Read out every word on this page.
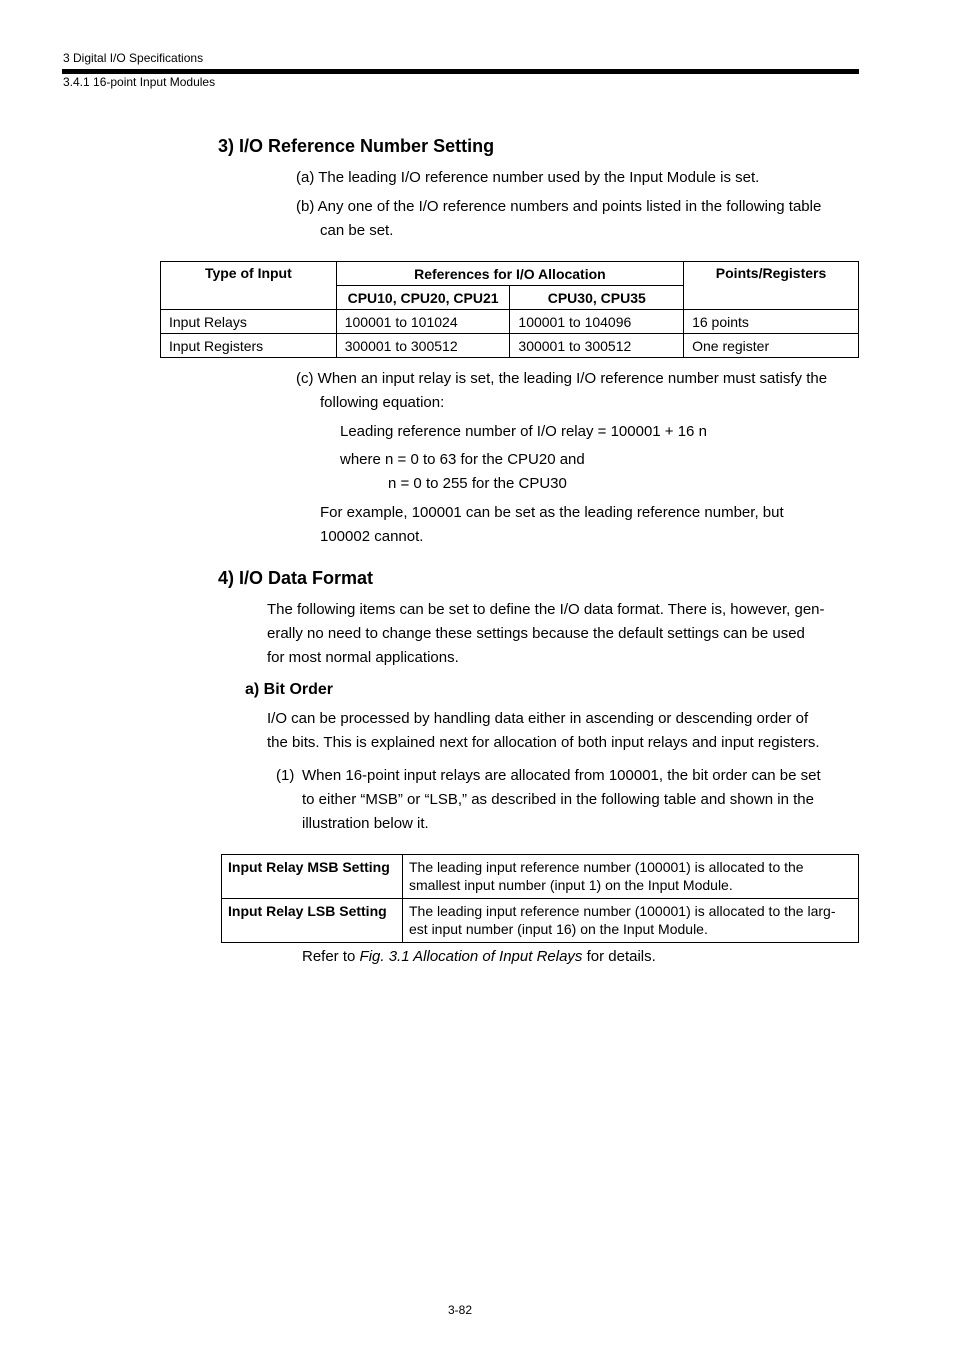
3 Digital I/O Specifications
3.4.1 16-point Input Modules
3) I/O Reference Number Setting
(a) The leading I/O reference number used by the Input Module is set.
(b) Any one of the I/O reference numbers and points listed in the following table
can be set.
Type of Input	References for I/O Allocation		Points/Registers
	CPU10, CPU20, CPU21	CPU30, CPU35	
Input Relays	100001 to 101024	100001 to 104096	16 points
Input Registers	300001 to 300512	300001 to 300512	One register
(c) When an input relay is set, the leading I/O reference number must satisfy the
following equation:
Leading reference number of I/O relay = 100001 + 16 n
where n = 0 to 63 for the CPU20 and
n = 0 to 255 for the CPU30
For example, 100001 can be set as the leading reference number, but
100002 cannot.
4) I/O Data Format
The following items can be set to define the I/O data format. There is, however, gen-
erally no need to change these settings because the default settings can be used
for most normal applications.
a) Bit Order
I/O can be processed by handling data either in ascending or descending order of
the bits. This is explained next for allocation of both input relays and input registers.
(1) When 16-point input relays are allocated from 100001, the bit order can be set
to either “MSB” or “LSB,” as described in the following table and shown in the
illustration below it.
Input Relay MSB Setting	The leading input reference number (100001) is allocated to the
smallest input number (input 1) on the Input Module.

Input Relay LSB Setting	The leading input reference number (100001) is allocated to the larg-
est input number (input 16) on the Input Module.
Refer to Fig. 3.1 Allocation of Input Relays for details.
3-82
